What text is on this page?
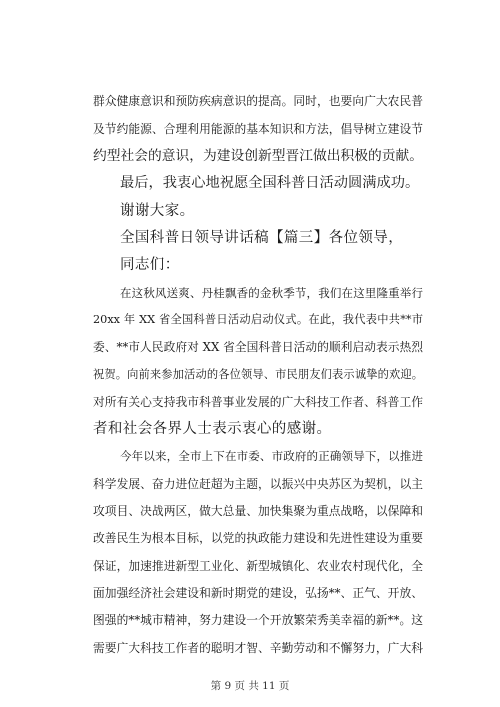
群众健康意识和预防疾病意识的提高。同时，也要向广大农民普
及节约能源、合理利用能源的基本知识和方法，倡导树立建设节
约型社会的意识，为建设创新型晋江做出积极的贡献。
最后，我衷心地祝愿全国科普日活动圆满成功。
谢谢大家。
全国科普日领导讲话稿【篇三】各位领导，
同志们：
在这秋风送爽、丹桂飘香的金秋季节，我们在这里隆重举行
20xx 年 XX 省全国科普日活动启动仪式。在此，我代表中共**市
委、**市人民政府对 XX 省全国科普日活动的顺利启动表示热烈
祝贺。向前来参加活动的各位领导、市民朋友们表示诚挚的欢迎。
对所有关心支持我市科普事业发展的广大科技工作者、科普工作
者和社会各界人士表示衷心的感谢。
今年以来，全市上下在市委、市政府的正确领导下，以推进
科学发展、奋力进位赶超为主题，以振兴中央苏区为契机，以主
攻项目、决战两区，做大总量、加快集聚为重点战略，以保障和
改善民生为根本目标，以党的执政能力建设和先进性建设为重要
保证，加速推进新型工业化、新型城镇化、农业农村现代化，全
面加强经济社会建设和新时期党的建设，弘扬**、正气、开放、
图强的**城市精神，努力建设一个开放繁荣秀美幸福的新**。这
需要广大科技工作者的聪明才智、辛勤劳动和不懈努力，广大科
第 9 页 共 11 页
